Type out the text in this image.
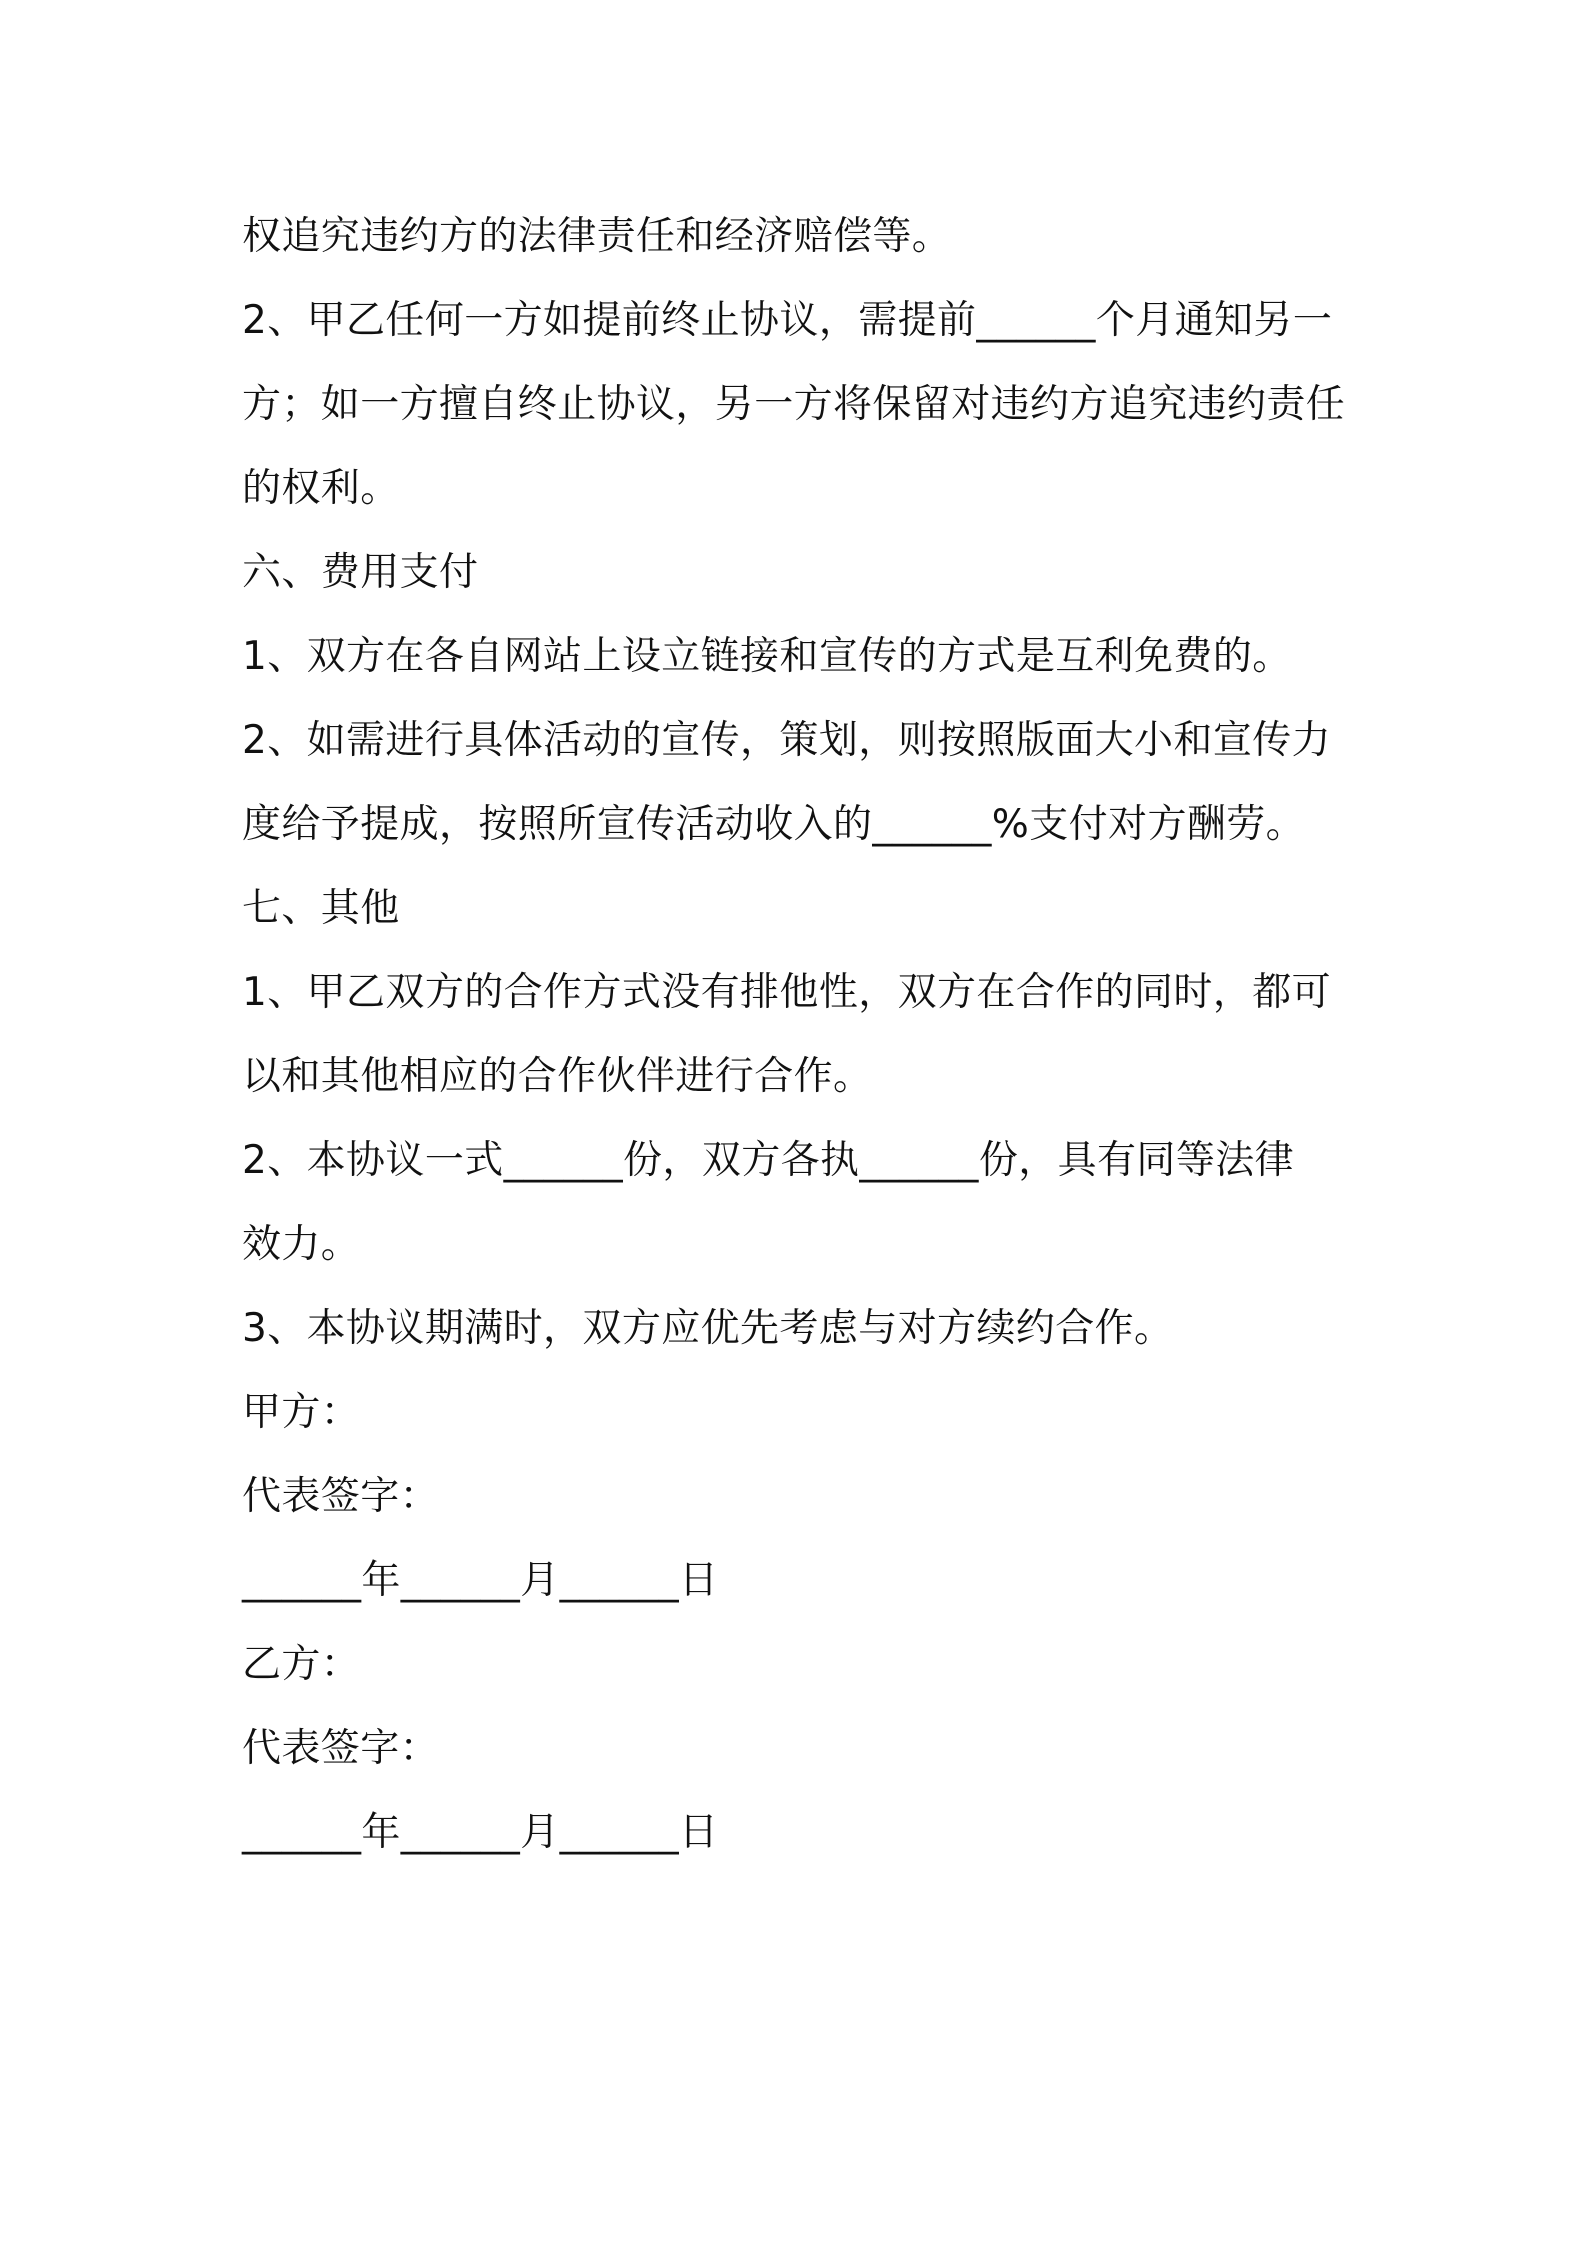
权追究违约方的法律责任和经济赔偿等。
2、甲乙任何一方如提前终止协议，需提前______个月通知另一
方；如一方擅自终止协议，另一方将保留对违约方追究违约责任
的权利。
六、费用支付
1、双方在各自网站上设立链接和宣传的方式是互利免费的。
2、如需进行具体活动的宣传，策划，则按照版面大小和宣传力
度给予提成，按照所宣传活动收入的______%支付对方酬劳。
七、其他
1、甲乙双方的合作方式没有排他性，双方在合作的同时，都可
以和其他相应的合作伙伴进行合作。
2、本协议一式______份，双方各执______份，具有同等法律
效力。
3、本协议期满时，双方应优先考虑与对方续约合作。
甲方：
代表签字：
______年______月______日
乙方：
代表签字：
______年______月______日
